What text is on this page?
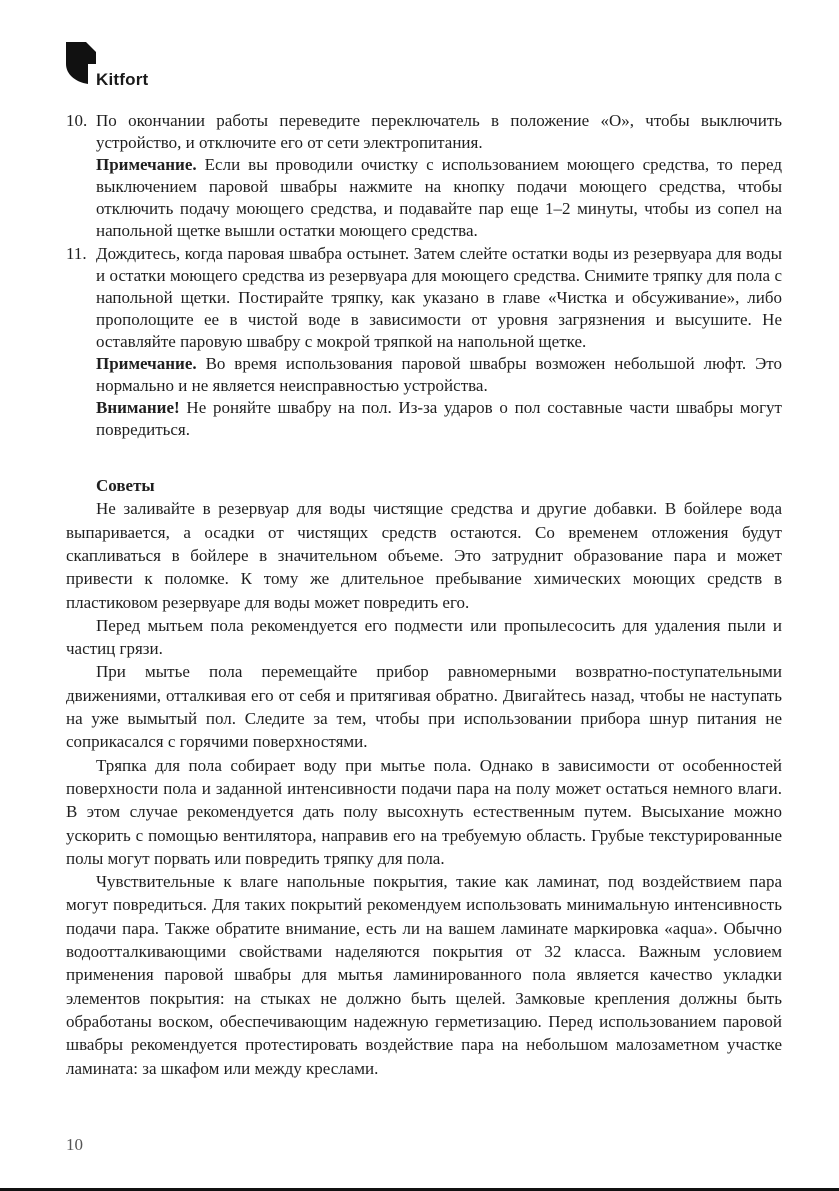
Kitfort
10. По окончании работы переведите переключатель в положение «О», чтобы выключить устройство, и отключите его от сети электропитания.

Примечание. Если вы проводили очистку с использованием моющего средства, то перед выключением паровой швабры нажмите на кнопку подачи моющего средства, чтобы отключить подачу моющего средства, и подавайте пар еще 1–2 минуты, чтобы из сопел на напольной щетке вышли остатки моющего средства.

11. Дождитесь, когда паровая швабра остынет. Затем слейте остатки воды из резервуара для воды и остатки моющего средства из резервуара для моющего средства. Снимите тряпку для пола с напольной щетки. Постирайте тряпку, как указано в главе «Чистка и обсуживание», либо прополощите ее в чистой воде в зависимости от уровня загрязнения и высушите. Не оставляйте паровую швабру с мокрой тряпкой на напольной щетке.

Примечание. Во время использования паровой швабры возможен небольшой люфт. Это нормально и не является неисправностью устройства.

Внимание! Не роняйте швабру на пол. Из-за ударов о пол составные части швабры могут повредиться.

Советы

Не заливайте в резервуар для воды чистящие средства и другие добавки. В бойлере вода выпаривается, а осадки от чистящих средств остаются. Со временем отложения будут скапливаться в бойлере в значительном объеме. Это затруднит образование пара и может привести к поломке. К тому же длительное пребывание химических моющих средств в пластиковом резервуаре для воды может повредить его.

Перед мытьем пола рекомендуется его подмести или пропылесосить для удаления пыли и частиц грязи.

При мытье пола перемещайте прибор равномерными возвратно-поступательными движениями, отталкивая его от себя и притягивая обратно. Двигайтесь назад, чтобы не наступать на уже вымытый пол. Следите за тем, чтобы при использовании прибора шнур питания не соприкасался с горячими поверхностями.

Тряпка для пола собирает воду при мытье пола. Однако в зависимости от особенностей поверхности пола и заданной интенсивности подачи пара на полу может остаться немного влаги. В этом случае рекомендуется дать полу высохнуть естественным путем. Высыхание можно ускорить с помощью вентилятора, направив его на требуемую область. Грубые текстурированные полы могут порвать или повредить тряпку для пола.

Чувствительные к влаге напольные покрытия, такие как ламинат, под воздействием пара могут повредиться. Для таких покрытий рекомендуем использовать минимальную интенсивность подачи пара. Также обратите внимание, есть ли на вашем ламинате маркировка «aqua». Обычно водоотталкивающими свойствами наделяются покрытия от 32 класса. Важным условием применения паровой швабры для мытья ламинированного пола является качество укладки элементов покрытия: на стыках не должно быть щелей. Замковые крепления должны быть обработаны воском, обеспечивающим надежную герметизацию. Перед использованием паровой швабры рекомендуется протестировать воздействие пара на небольшом малозаметном участке ламината: за шкафом или между креслами.

10
